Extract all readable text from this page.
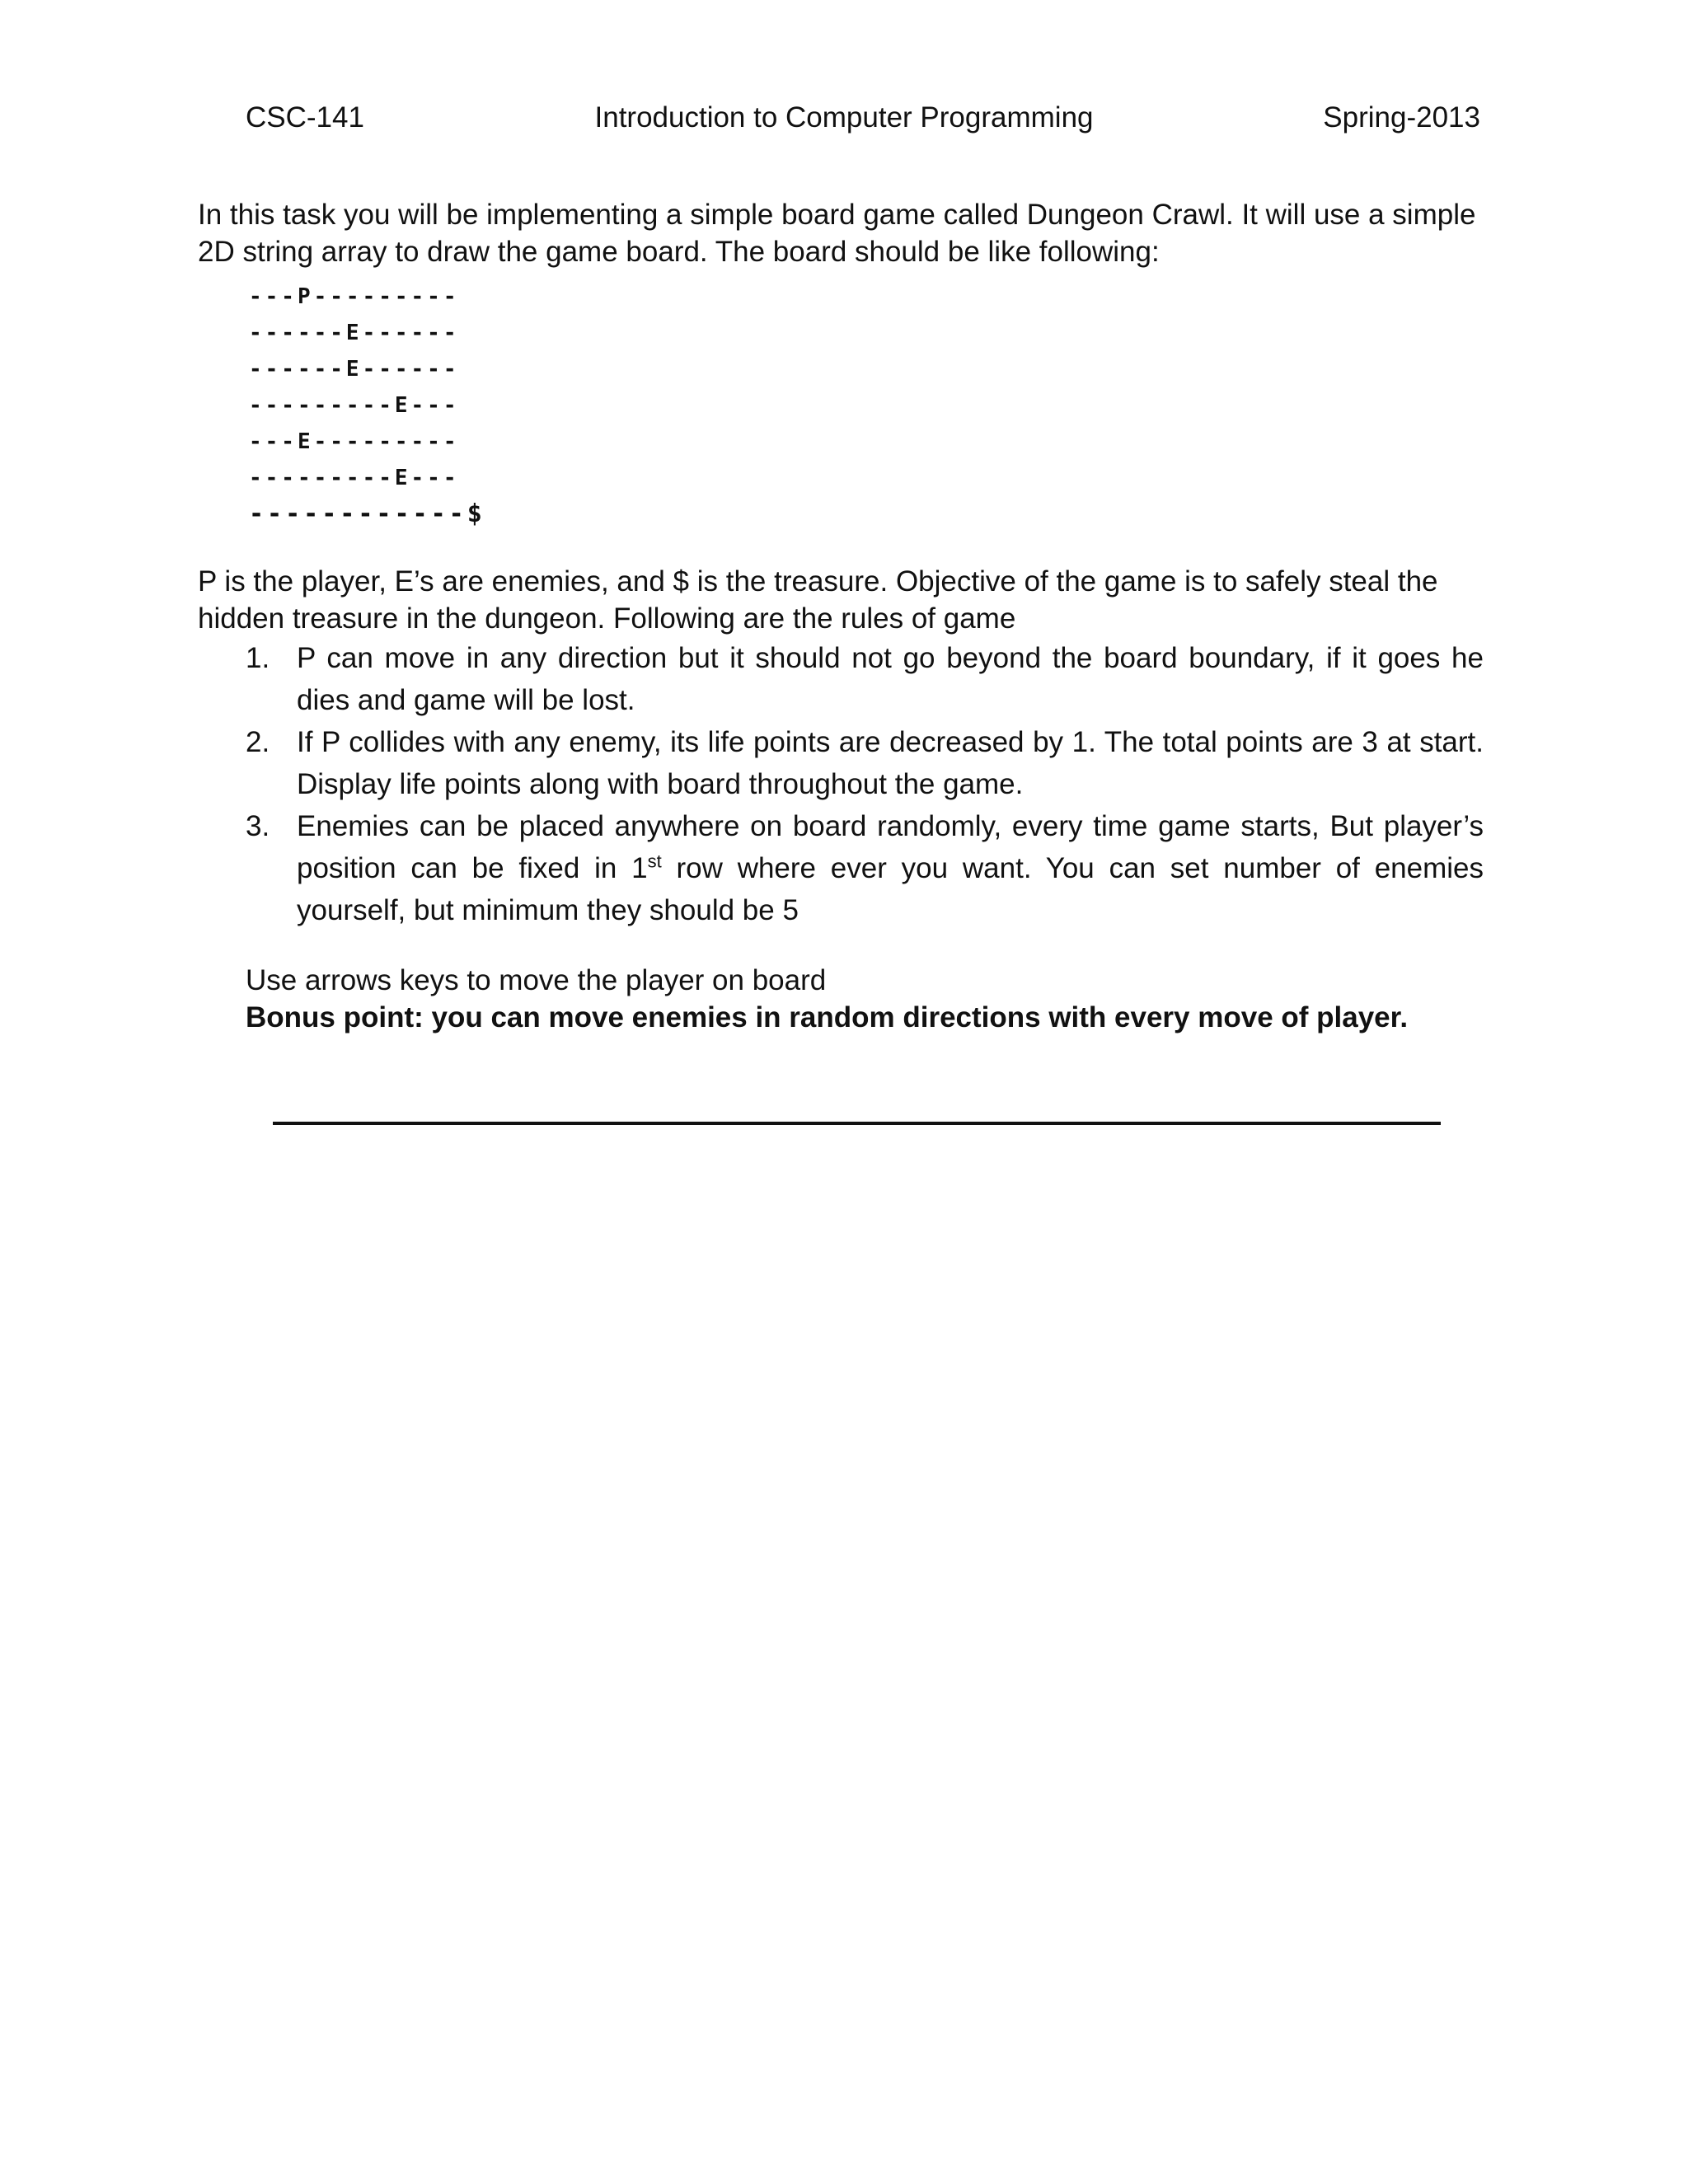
CSC-141	Introduction to Computer Programming	Spring-2013

In this task you will be implementing a simple board game called Dungeon Crawl. It will use a simple 2D string array to draw the game board. The board should be like following:

---P---------
------E------
------E------
---------E---
---E---------
---------E---
------------$

P is the player, E’s are enemies, and $ is the treasure. Objective of the game is to safely steal the hidden treasure in the dungeon. Following are the rules of game

1. P can move in any direction but it should not go beyond the board boundary, if it goes he dies and game will be lost.
2. If P collides with any enemy, its life points are decreased by 1. The total points are 3 at start. Display life points along with board throughout the game.
3. Enemies can be placed anywhere on board randomly, every time game starts, But player’s position can be fixed in 1st row where ever you want. You can set number of enemies yourself, but minimum they should be 5
Use arrows keys to move the player on board
Bonus point: you can move enemies in random directions with every move of player.
